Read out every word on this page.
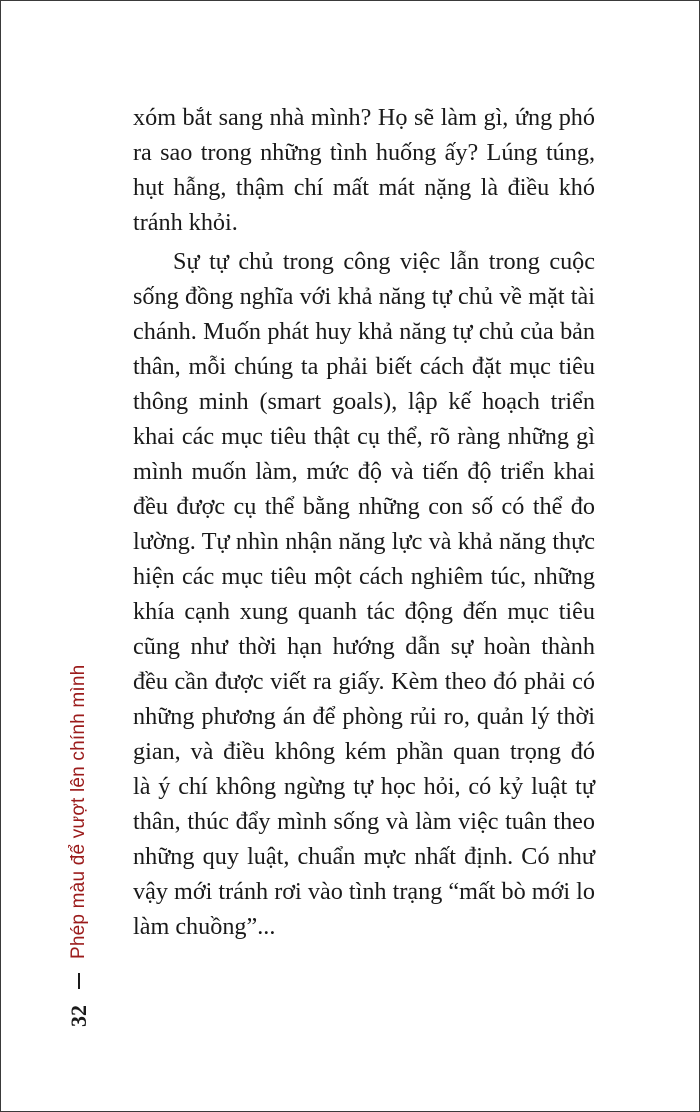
xóm bắt sang nhà mình? Họ sẽ làm gì, ứng phó
ra sao trong những tình huống ấy? Lúng túng,
hụt hẫng, thậm chí mất mát nặng là điều khó
tránh khỏi.
Sự tự chủ trong công việc lẫn trong cuộc
sống đồng nghĩa với khả năng tự chủ về mặt tài
chánh. Muốn phát huy khả năng tự chủ của bản
thân, mỗi chúng ta phải biết cách đặt mục tiêu
thông minh (smart goals), lập kế hoạch triển
khai các mục tiêu thật cụ thể, rõ ràng những gì
mình muốn làm, mức độ và tiến độ triển khai
đều được cụ thể bằng những con số có thể đo
lường. Tự nhìn nhận năng lực và khả năng thực
hiện các mục tiêu một cách nghiêm túc, những
khía cạnh xung quanh tác động đến mục tiêu
cũng như thời hạn hướng dẫn sự hoàn thành
đều cần được viết ra giấy. Kèm theo đó phải có
những phương án để phòng rủi ro, quản lý thời
gian, và điều không kém phần quan trọng đó
là ý chí không ngừng tự học hỏi, có kỷ luật tự
thân, thúc đẩy mình sống và làm việc tuân theo
những quy luật, chuẩn mực nhất định. Có như
vậy mới tránh rơi vào tình trạng “mất bò mới lo
làm chuồng”...
32
Phép màu để vượt lên chính mình
